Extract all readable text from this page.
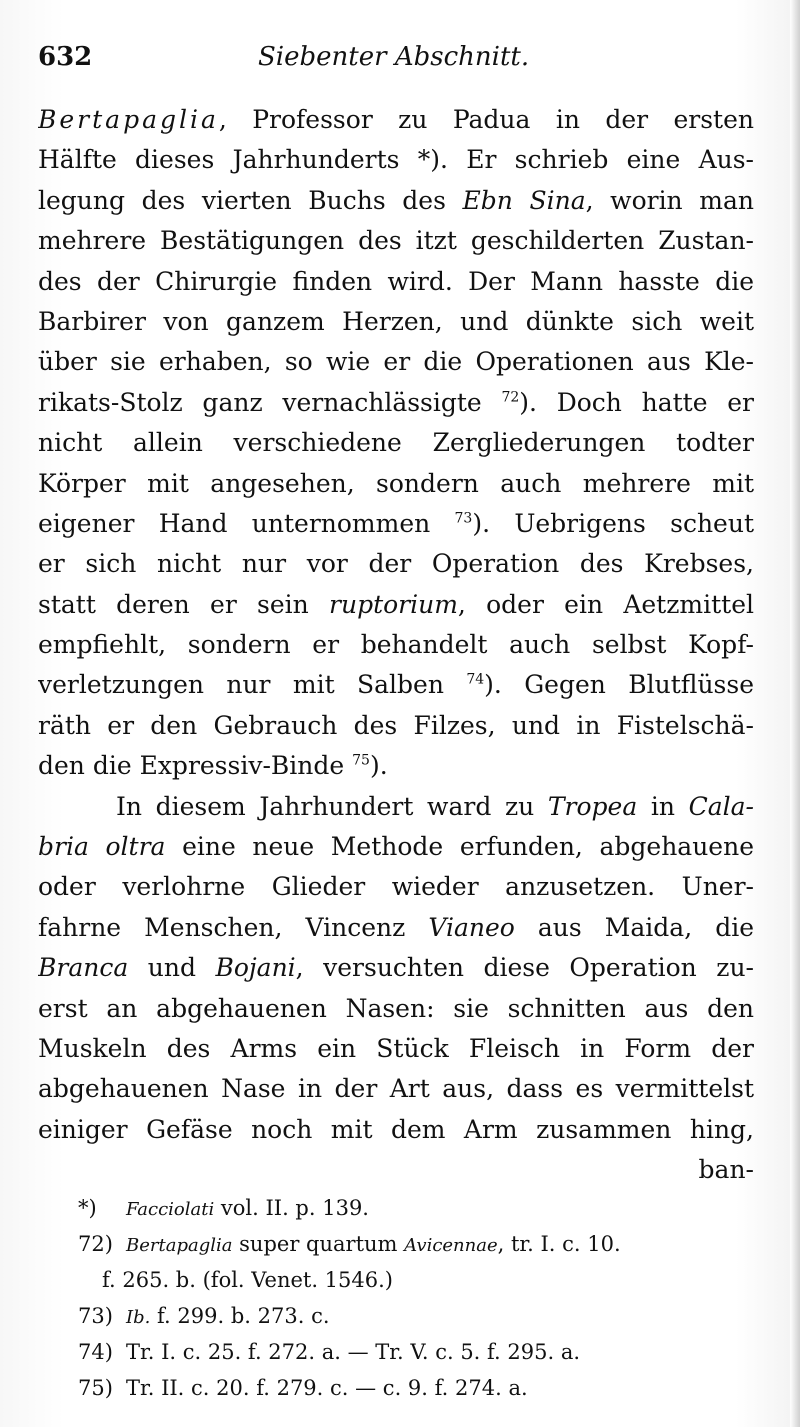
632	Siebenter Abschnitt.
Bertapaglia, Professor zu Padua in der ersten
Hälfte dieses Jahrhunderts *). Er schrieb eine Aus-
legung des vierten Buchs des Ebn Sina, worin man
mehrere Bestätigungen des itzt geschilderten Zustan-
des der Chirurgie finden wird. Der Mann hasste die
Barbirer von ganzem Herzen, und dünkte sich weit
über sie erhaben, so wie er die Operationen aus Kle-
rikats-Stolz ganz vernachlässigte $^{72}$). Doch hatte er
nicht allein verschiedene Zergliederungen todter
Körper mit angesehen, sondern auch mehrere mit
eigener Hand unternommen $^{73}$). Uebrigens scheut
er sich nicht nur vor der Operation des Krebses,
statt deren er sein ruptorium, oder ein Aetzmittel
empfiehlt, sondern er behandelt auch selbst Kopf-
verletzungen nur mit Salben $^{74}$). Gegen Blutflüsse
räth er den Gebrauch des Filzes, und in Fistelschä-
den die Expressiv-Binde $^{75}$).
In diesem Jahrhundert ward zu Tropea in Cala-
bria oltra eine neue Methode erfunden, abgehauene
oder verlohrne Glieder wieder anzusetzen. Uner-
fahrne Menschen, Vincenz Vianeo aus Maida, die
Branca und Bojani, versuchten diese Operation zu-
erst an abgehauenen Nasen: sie schnitten aus den
Muskeln des Arms ein Stück Fleisch in Form der
abgehauenen Nase in der Art aus, dass es vermittelst
einiger Gefäse noch mit dem Arm zusammen hing,
ban-
*) Facciolati vol. II. p. 139.
72) Bertapaglia super quartum Avicennae, tr. I. c. 10.
f. 265. b. (fol. Venet. 1546.)
73) Ib. f. 299. b. 273. c.
74) Tr. I. c. 25. f. 272. a. — Tr. V. c. 5. f. 295. a.
75) Tr. II. c. 20. f. 279. c. — c. 9. f. 274. a.
